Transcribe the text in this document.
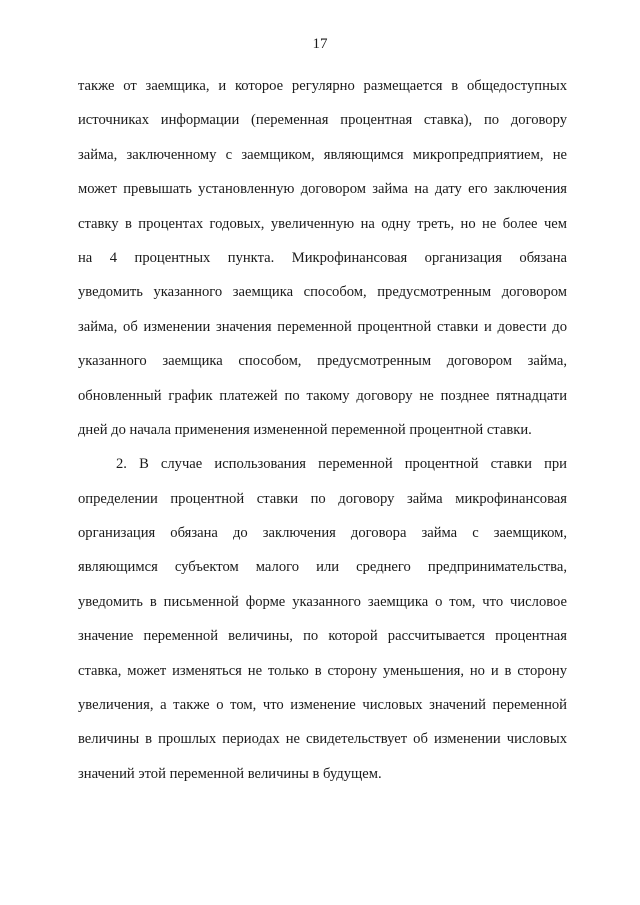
17
также от заемщика, и которое регулярно размещается в общедоступных
источниках информации (переменная процентная ставка), по договору
займа, заключенному с заемщиком, являющимся микропредприятием, не
может превышать установленную договором займа на дату его заключения
ставку в процентах годовых, увеличенную на одну треть, но не более чем
на 4 процентных пункта. Микрофинансовая организация обязана
уведомить указанного заемщика способом, предусмотренным договором
займа, об изменении значения переменной процентной ставки и довести до
указанного заемщика способом, предусмотренным договором займа,
обновленный график платежей по такому договору не позднее пятнадцати
дней до начала применения измененной переменной процентной ставки.
2. В случае использования переменной процентной ставки при
определении процентной ставки по договору займа микрофинансовая
организация обязана до заключения договора займа с заемщиком,
являющимся субъектом малого или среднего предпринимательства,
уведомить в письменной форме указанного заемщика о том, что числовое
значение переменной величины, по которой рассчитывается процентная
ставка, может изменяться не только в сторону уменьшения, но и в сторону
увеличения, а также о том, что изменение числовых значений переменной
величины в прошлых периодах не свидетельствует об изменении числовых
значений этой переменной величины в будущем.
